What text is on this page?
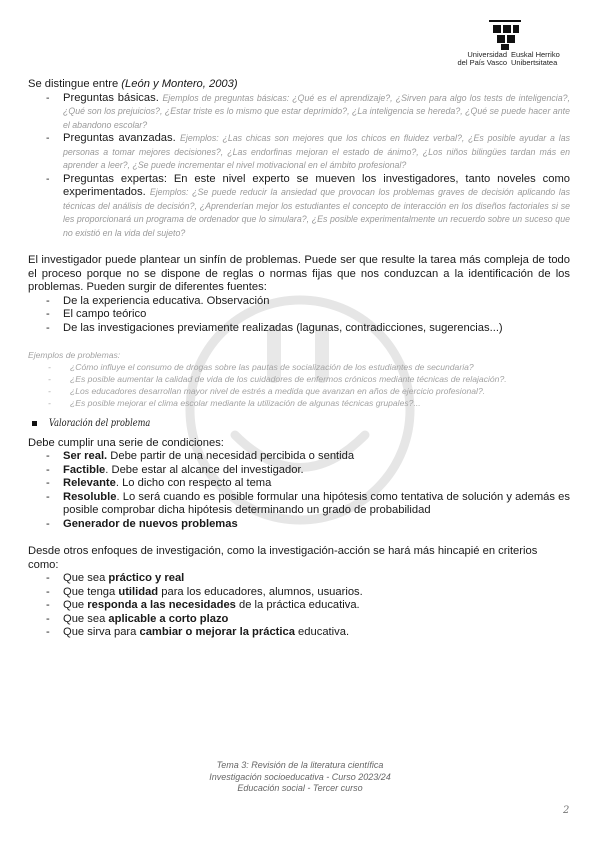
Universidad
del País Vasco
Euskal Herriko
Unibertsitatea

Se distingue entre (León y Montero, 2003)

- Preguntas básicas. Ejemplos de preguntas básicas: ¿Qué es el aprendizaje?, ¿Sirven para algo los tests de inteligencia?, ¿Qué son los prejuicios?, ¿Estar triste es lo mismo que estar deprimido?, ¿La inteligencia se hereda?, ¿Qué se puede hacer ante el abandono escolar?
- Preguntas avanzadas. Ejemplos: ¿Las chicas son mejores que los chicos en fluidez verbal?, ¿Es posible ayudar a las personas a tomar mejores decisiones?, ¿Las endorfinas mejoran el estado de ánimo?, ¿Los niños bilingües tardan más en aprender a leer?, ¿Se puede incrementar el nivel motivacional en el ámbito profesional?
- Preguntas expertas: En este nivel experto se mueven los investigadores, tanto noveles como experimentados. Ejemplos: ¿Se puede reducir la ansiedad que provocan los problemas graves de decisión aplicando las técnicas del análisis de decisión?, ¿Aprenderían mejor los estudiantes el concepto de interacción en los diseños factoriales si se les proporcionará un programa de ordenador que lo simulara?, ¿Es posible experimentalmente un recuerdo sobre un suceso que no existió en la vida del sujeto?

El investigador puede plantear un sinfín de problemas. Puede ser que resulte la tarea más compleja de todo el proceso porque no se dispone de reglas o normas fijas que nos conduzcan a la identificación de los problemas. Pueden surgir de diferentes fuentes:

- De la experiencia educativa. Observación
- El campo teórico
- De las investigaciones previamente realizadas (lagunas, contradicciones, sugerencias...)

Ejemplos de problemas:

- ¿Cómo influye el consumo de drogas sobre las pautas de socialización de los estudiantes de secundaria?
- ¿Es posible aumentar la calidad de vida de los cuidadores de enfermos crónicos mediante técnicas de relajación?.
- ¿Los educadores desarrollan mayor nivel de estrés a medida que avanzan en años de ejercicio profesional?.
- ¿Es posible mejorar el clima escolar mediante la utilización de algunas técnicas grupales?...
Valoración del problema

Debe cumplir una serie de condiciones:

- Ser real. Debe partir de una necesidad percibida o sentida
- Factible. Debe estar al alcance del investigador.
- Relevante. Lo dicho con respecto al tema
- Resoluble. Lo será cuando es posible formular una hipótesis como tentativa de solución y además es posible comprobar dicha hipótesis determinando un grado de probabilidad
- Generador de nuevos problemas

Desde otros enfoques de investigación, como la investigación-acción se hará más hincapié en criterios como:

- Que sea práctico y real
- Que tenga utilidad para los educadores, alumnos, usuarios.
- Que responda a las necesidades de la práctica educativa.
- Que sea aplicable a corto plazo
- Que sirva para cambiar o mejorar la práctica educativa.
Tema 3: Revisión de la literatura científica
Investigación socioeducativa - Curso 2023/24
Educación social - Tercer curso
2
